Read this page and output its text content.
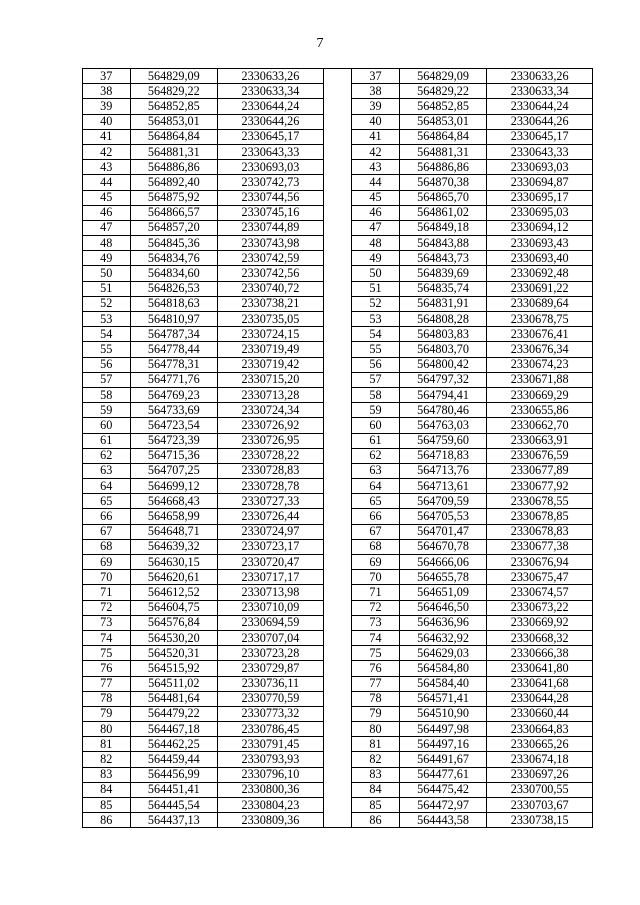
7
37	564829,09	2330633,26		37	564829,09	2330633,26
38	564829,22	2330633,34		38	564829,22	2330633,34
39	564852,85	2330644,24		39	564852,85	2330644,24
40	564853,01	2330644,26		40	564853,01	2330644,26
41	564864,84	2330645,17		41	564864,84	2330645,17
42	564881,31	2330643,33		42	564881,31	2330643,33
43	564886,86	2330693,03		43	564886,86	2330693,03
44	564892,40	2330742,73		44	564870,38	2330694,87
45	564875,92	2330744,56		45	564865,70	2330695,17
46	564866,57	2330745,16		46	564861,02	2330695,03
47	564857,20	2330744,89		47	564849,18	2330694,12
48	564845,36	2330743,98		48	564843,88	2330693,43
49	564834,76	2330742,59		49	564843,73	2330693,40
50	564834,60	2330742,56		50	564839,69	2330692,48
51	564826,53	2330740,72		51	564835,74	2330691,22
52	564818,63	2330738,21		52	564831,91	2330689,64
53	564810,97	2330735,05		53	564808,28	2330678,75
54	564787,34	2330724,15		54	564803,83	2330676,41
55	564778,44	2330719,49		55	564803,70	2330676,34
56	564778,31	2330719,42		56	564800,42	2330674,23
57	564771,76	2330715,20		57	564797,32	2330671,88
58	564769,23	2330713,28		58	564794,41	2330669,29
59	564733,69	2330724,34		59	564780,46	2330655,86
60	564723,54	2330726,92		60	564763,03	2330662,70
61	564723,39	2330726,95		61	564759,60	2330663,91
62	564715,36	2330728,22		62	564718,83	2330676,59
63	564707,25	2330728,83		63	564713,76	2330677,89
64	564699,12	2330728,78		64	564713,61	2330677,92
65	564668,43	2330727,33		65	564709,59	2330678,55
66	564658,99	2330726,44		66	564705,53	2330678,85
67	564648,71	2330724,97		67	564701,47	2330678,83
68	564639,32	2330723,17		68	564670,78	2330677,38
69	564630,15	2330720,47		69	564666,06	2330676,94
70	564620,61	2330717,17		70	564655,78	2330675,47
71	564612,52	2330713,98		71	564651,09	2330674,57
72	564604,75	2330710,09		72	564646,50	2330673,22
73	564576,84	2330694,59		73	564636,96	2330669,92
74	564530,20	2330707,04		74	564632,92	2330668,32
75	564520,31	2330723,28		75	564629,03	2330666,38
76	564515,92	2330729,87		76	564584,80	2330641,80
77	564511,02	2330736,11		77	564584,40	2330641,68
78	564481,64	2330770,59		78	564571,41	2330644,28
79	564479,22	2330773,32		79	564510,90	2330660,44
80	564467,18	2330786,45		80	564497,98	2330664,83
81	564462,25	2330791,45		81	564497,16	2330665,26
82	564459,44	2330793,93		82	564491,67	2330674,18
83	564456,99	2330796,10		83	564477,61	2330697,26
84	564451,41	2330800,36		84	564475,42	2330700,55
85	564445,54	2330804,23		85	564472,97	2330703,67
86	564437,13	2330809,36		86	564443,58	2330738,15
